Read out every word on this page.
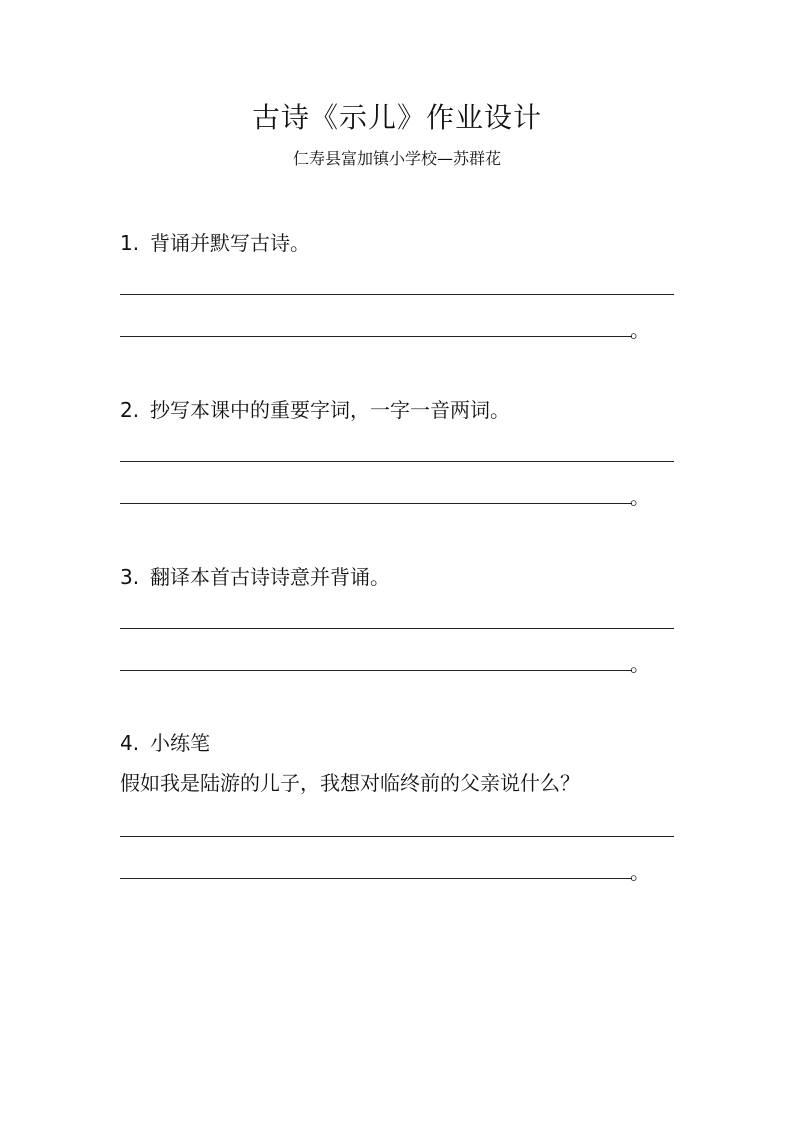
古诗《示儿》作业设计
仁寿县富加镇小学校—苏群花
1. 背诵并默写古诗。
。
2. 抄写本课中的重要字词，一字一音两词。
。
3. 翻译本首古诗诗意并背诵。
。
4. 小练笔
假如我是陆游的儿子，我想对临终前的父亲说什么？
。
